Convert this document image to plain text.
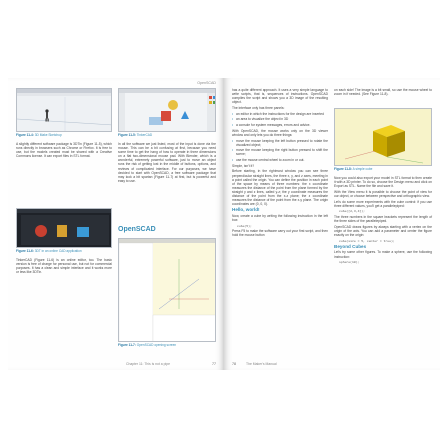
OpenSCAD
Figure 11-4: 3D Make Sketchup	Figure 11-5: TinkerCAD

A slightly different software package is 3DTin (Figure 11-5), which runs directly in browsers such as Chrome or Firefox. It is free to use, but the models created must be shared with a Creative Commons license. It can export files in STL format.

Figure 11-6: 3DT in an online CAD application

TinkerCAD (Figure 11-6) is an online editor, too. The basic version is free of charge for personal use, but not for commercial purposes. It has a clean and simple interface and it works more or less like 3DTin.

In all the software we just listed, most of the input is done via the mouse. This can be a bit confusing at first, because you need some time to get the hang of how to operate in three dimensions on a flat two-dimensional mouse pad. With Blender, which is a wonderful, extremely powerful software, just to move an object runs the risk of getting lost in the middle of buttons, options, and reviews of complicated interface. For our purposes, we have decided to start with OpenSCAD, a free software package that may look a bit spartan (Figure 11-7) at first, but is powerful and easy to use.

OpenSCAD
Figure 11-7: OpenSCAD opening screen
Chapter 11: This is not a pipe	77

has a quite different approach. It uses a very simple language to write scripts, that is, sequences of instructions. OpenSCAD compiles the script and shows you a 3D image of the resulting object.

The interface only has three panels:

• an editor in which the instructions for the design are inserted

• an area to visualize the object in 3D

• a console for system messages, errors and advice.

With OpenSCAD, the mouse works only on the 3D viewer window and only lets you do three things:

• move the mouse keeping the left button pressed to rotate the visualized object;

• move the mouse keeping the right button pressed to shift the scene;

• use the mouse central wheel to zoom in or out.

Simple, isn't it?

Before starting, in the rightmost window you can see three perpendicular straight lines, the three x, y, and z axes, meeting in a point called the origin. You can define the position in each point of the space by means of three numbers: the x coordinate measures the distance of the point from the plane formed by the straight y and z lines, called y-z; the y coordinate measures the distance of the point from the x-z plane; the z coordinate measures the distance of the point from the x-y plane. The origin coordinates are (0, 0, 0).

Hello, world!

Now, create a cube by writing the following instruction in the left box:

cube(5);

Press F5 to make the software carry out your first script, and then hold the mouse button

on each side! The image is a bit small, so use the mouse wheel to zoom in if needed. (See Figure 11-8).

Figure 11-8: A simple cube

Now you could also export your model in STL format to then create it with a 3D printer. To do so, choose the Design menu and click on Export as STL. Name the file and save it.

With the View menu it is possible to choose the point of view for our object, or choose between perspective and orthographic view.

Let's do some more experiments with the cube control: if you use three different values, you'll get a parallelepiped:

cube([2,3,4]);

The three numbers in the square brackets represent the length of the three sides of the parallelepiped.

OpenSCAD draws figures by always starting with a vertex on the origin of the axis. You can add a parameter and center the figure exactly on the origin:

cube(size = 5, center = true);

Beyond Cubes

Let's try some other figures. To make a sphere, use the following instruction:

sphere(10);

78	The Maker's Manual
